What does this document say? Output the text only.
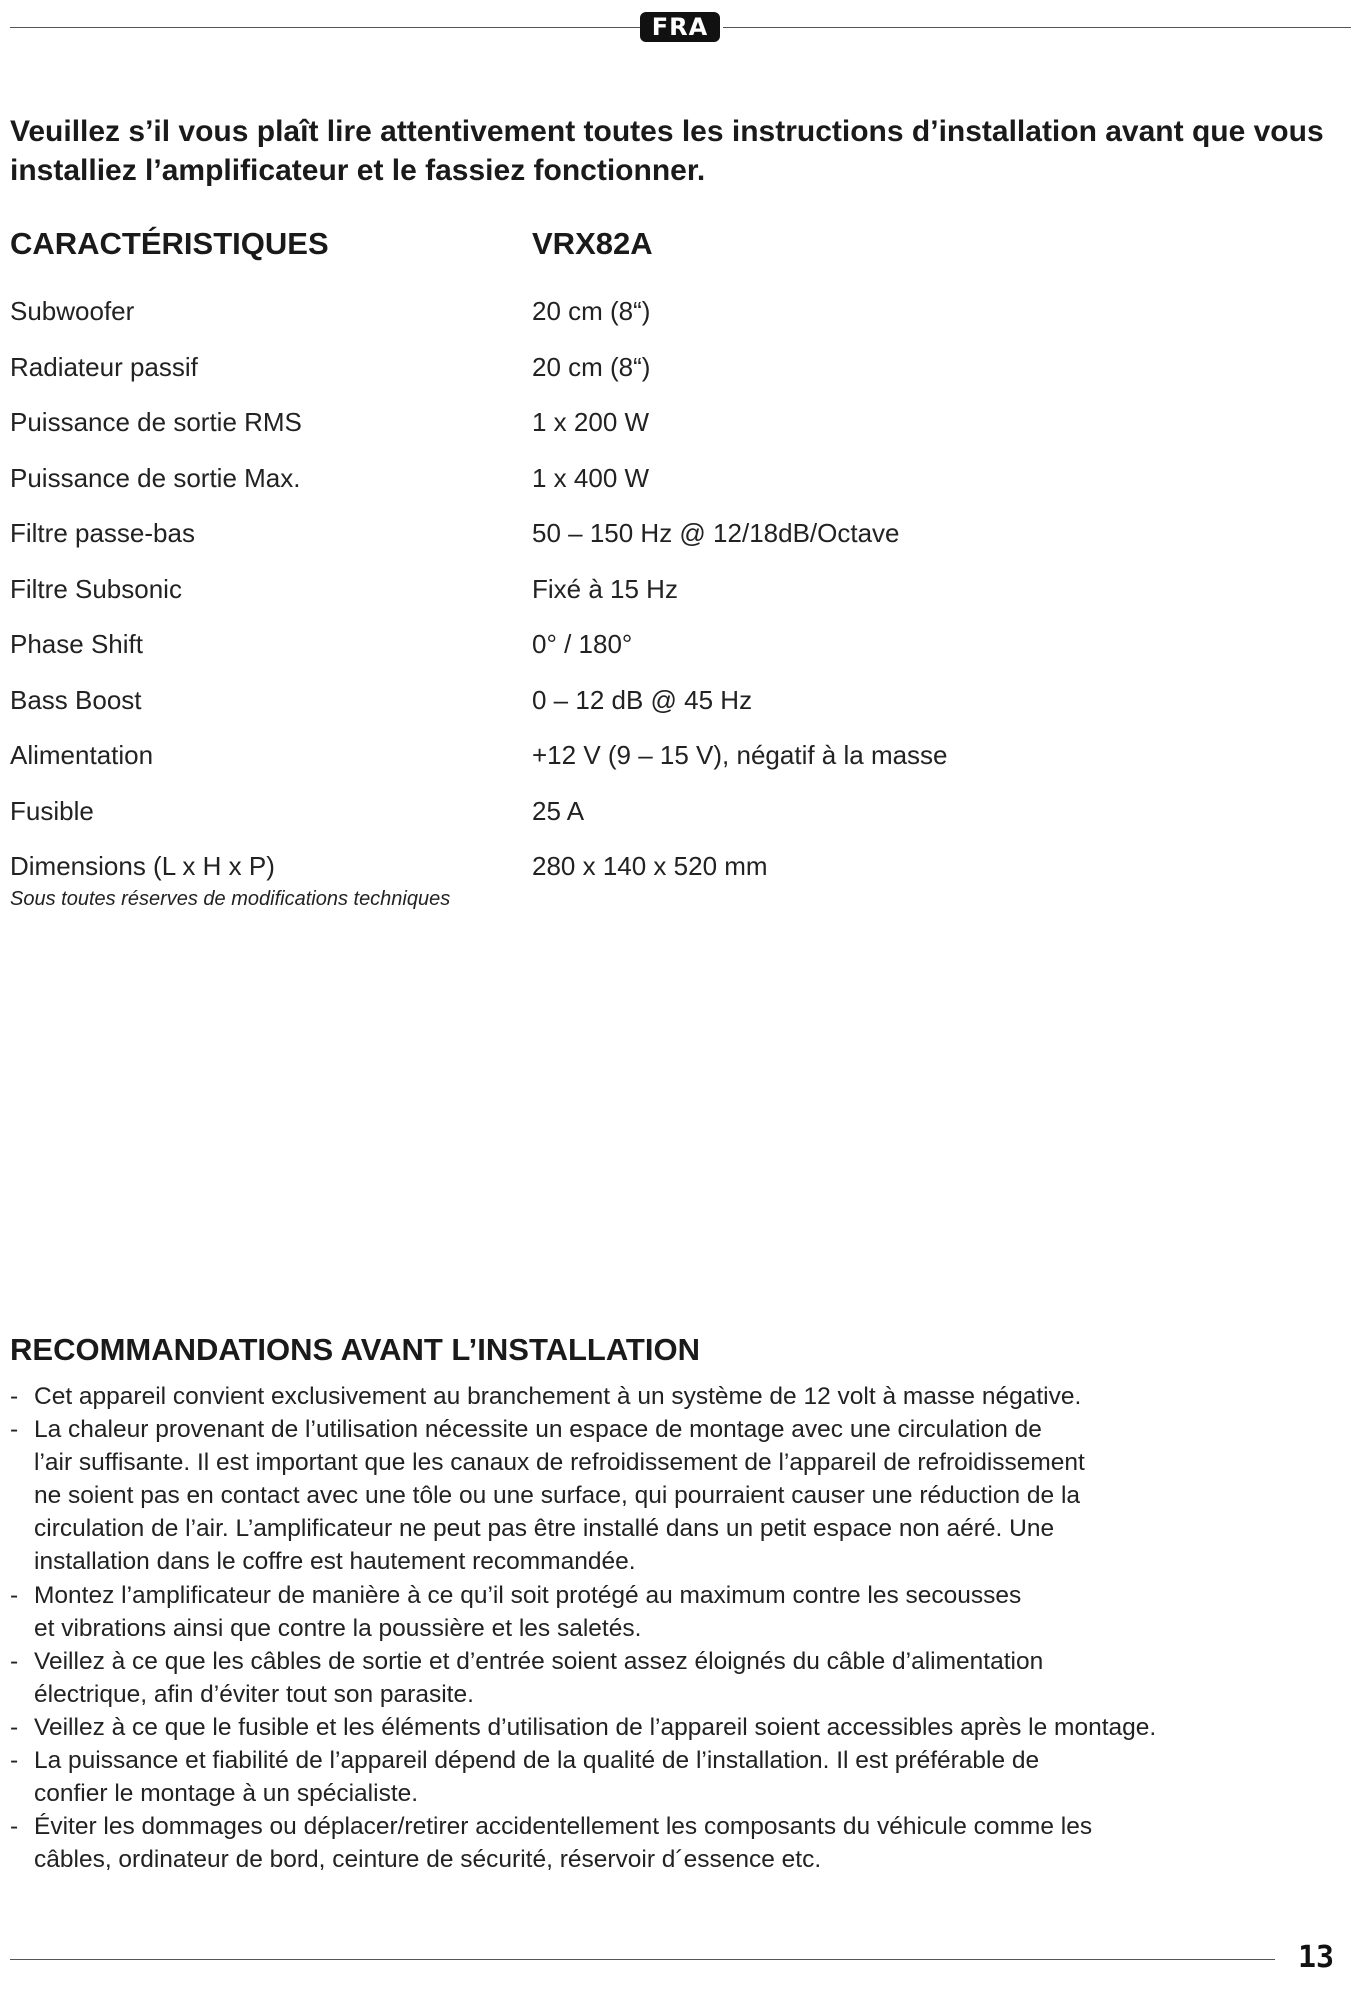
FRA

Veuillez s’il vous plaît lire attentivement toutes les instructions d’installation avant que vous installiez l’amplificateur et le fassiez fonctionner.

CARACTÉRISTIQUES	VRX82A
Subwoofer	20 cm (8“)
Radiateur passif	20 cm (8“)
Puissance de sortie RMS	1 x 200 W
Puissance de sortie Max.	1 x 400 W
Filtre passe-bas	50 – 150 Hz @ 12/18dB/Octave
Filtre Subsonic	Fixé à 15 Hz
Phase Shift	0° / 180°
Bass Boost	0 – 12 dB @ 45 Hz
Alimentation	+12 V (9 – 15 V), négatif à la masse
Fusible	25 A
Dimensions (L x H x P)	280 x 140 x 520 mm

Sous toutes réserves de modifications techniques

RECOMMANDATIONS AVANT L’INSTALLATION
- Cet appareil convient exclusivement au branchement à un système de 12 volt à masse négative.
- La chaleur provenant de l’utilisation nécessite un espace de montage avec une circulation de
l’air suffisante. Il est important que les canaux de refroidissement de l’appareil de refroidissement
ne soient pas en contact avec une tôle ou une surface, qui pourraient causer une réduction de la
circulation de l’air. L’amplificateur ne peut pas être installé dans un petit espace non aéré. Une
installation dans le coffre est hautement recommandée.
- Montez l’amplificateur de manière à ce qu’il soit protégé au maximum contre les secousses
et vibrations ainsi que contre la poussière et les saletés.
- Veillez à ce que les câbles de sortie et d’entrée soient assez éloignés du câble d’alimentation
électrique, afin d’éviter tout son parasite.
- Veillez à ce que le fusible et les éléments d’utilisation de l’appareil soient accessibles après le montage.
- La puissance et fiabilité de l’appareil dépend de la qualité de l’installation. Il est préférable de
confier le montage à un spécialiste.
- Éviter les dommages ou déplacer/retirer accidentellement les composants du véhicule comme les
câbles, ordinateur de bord, ceinture de sécurité, réservoir d´essence etc.

13
